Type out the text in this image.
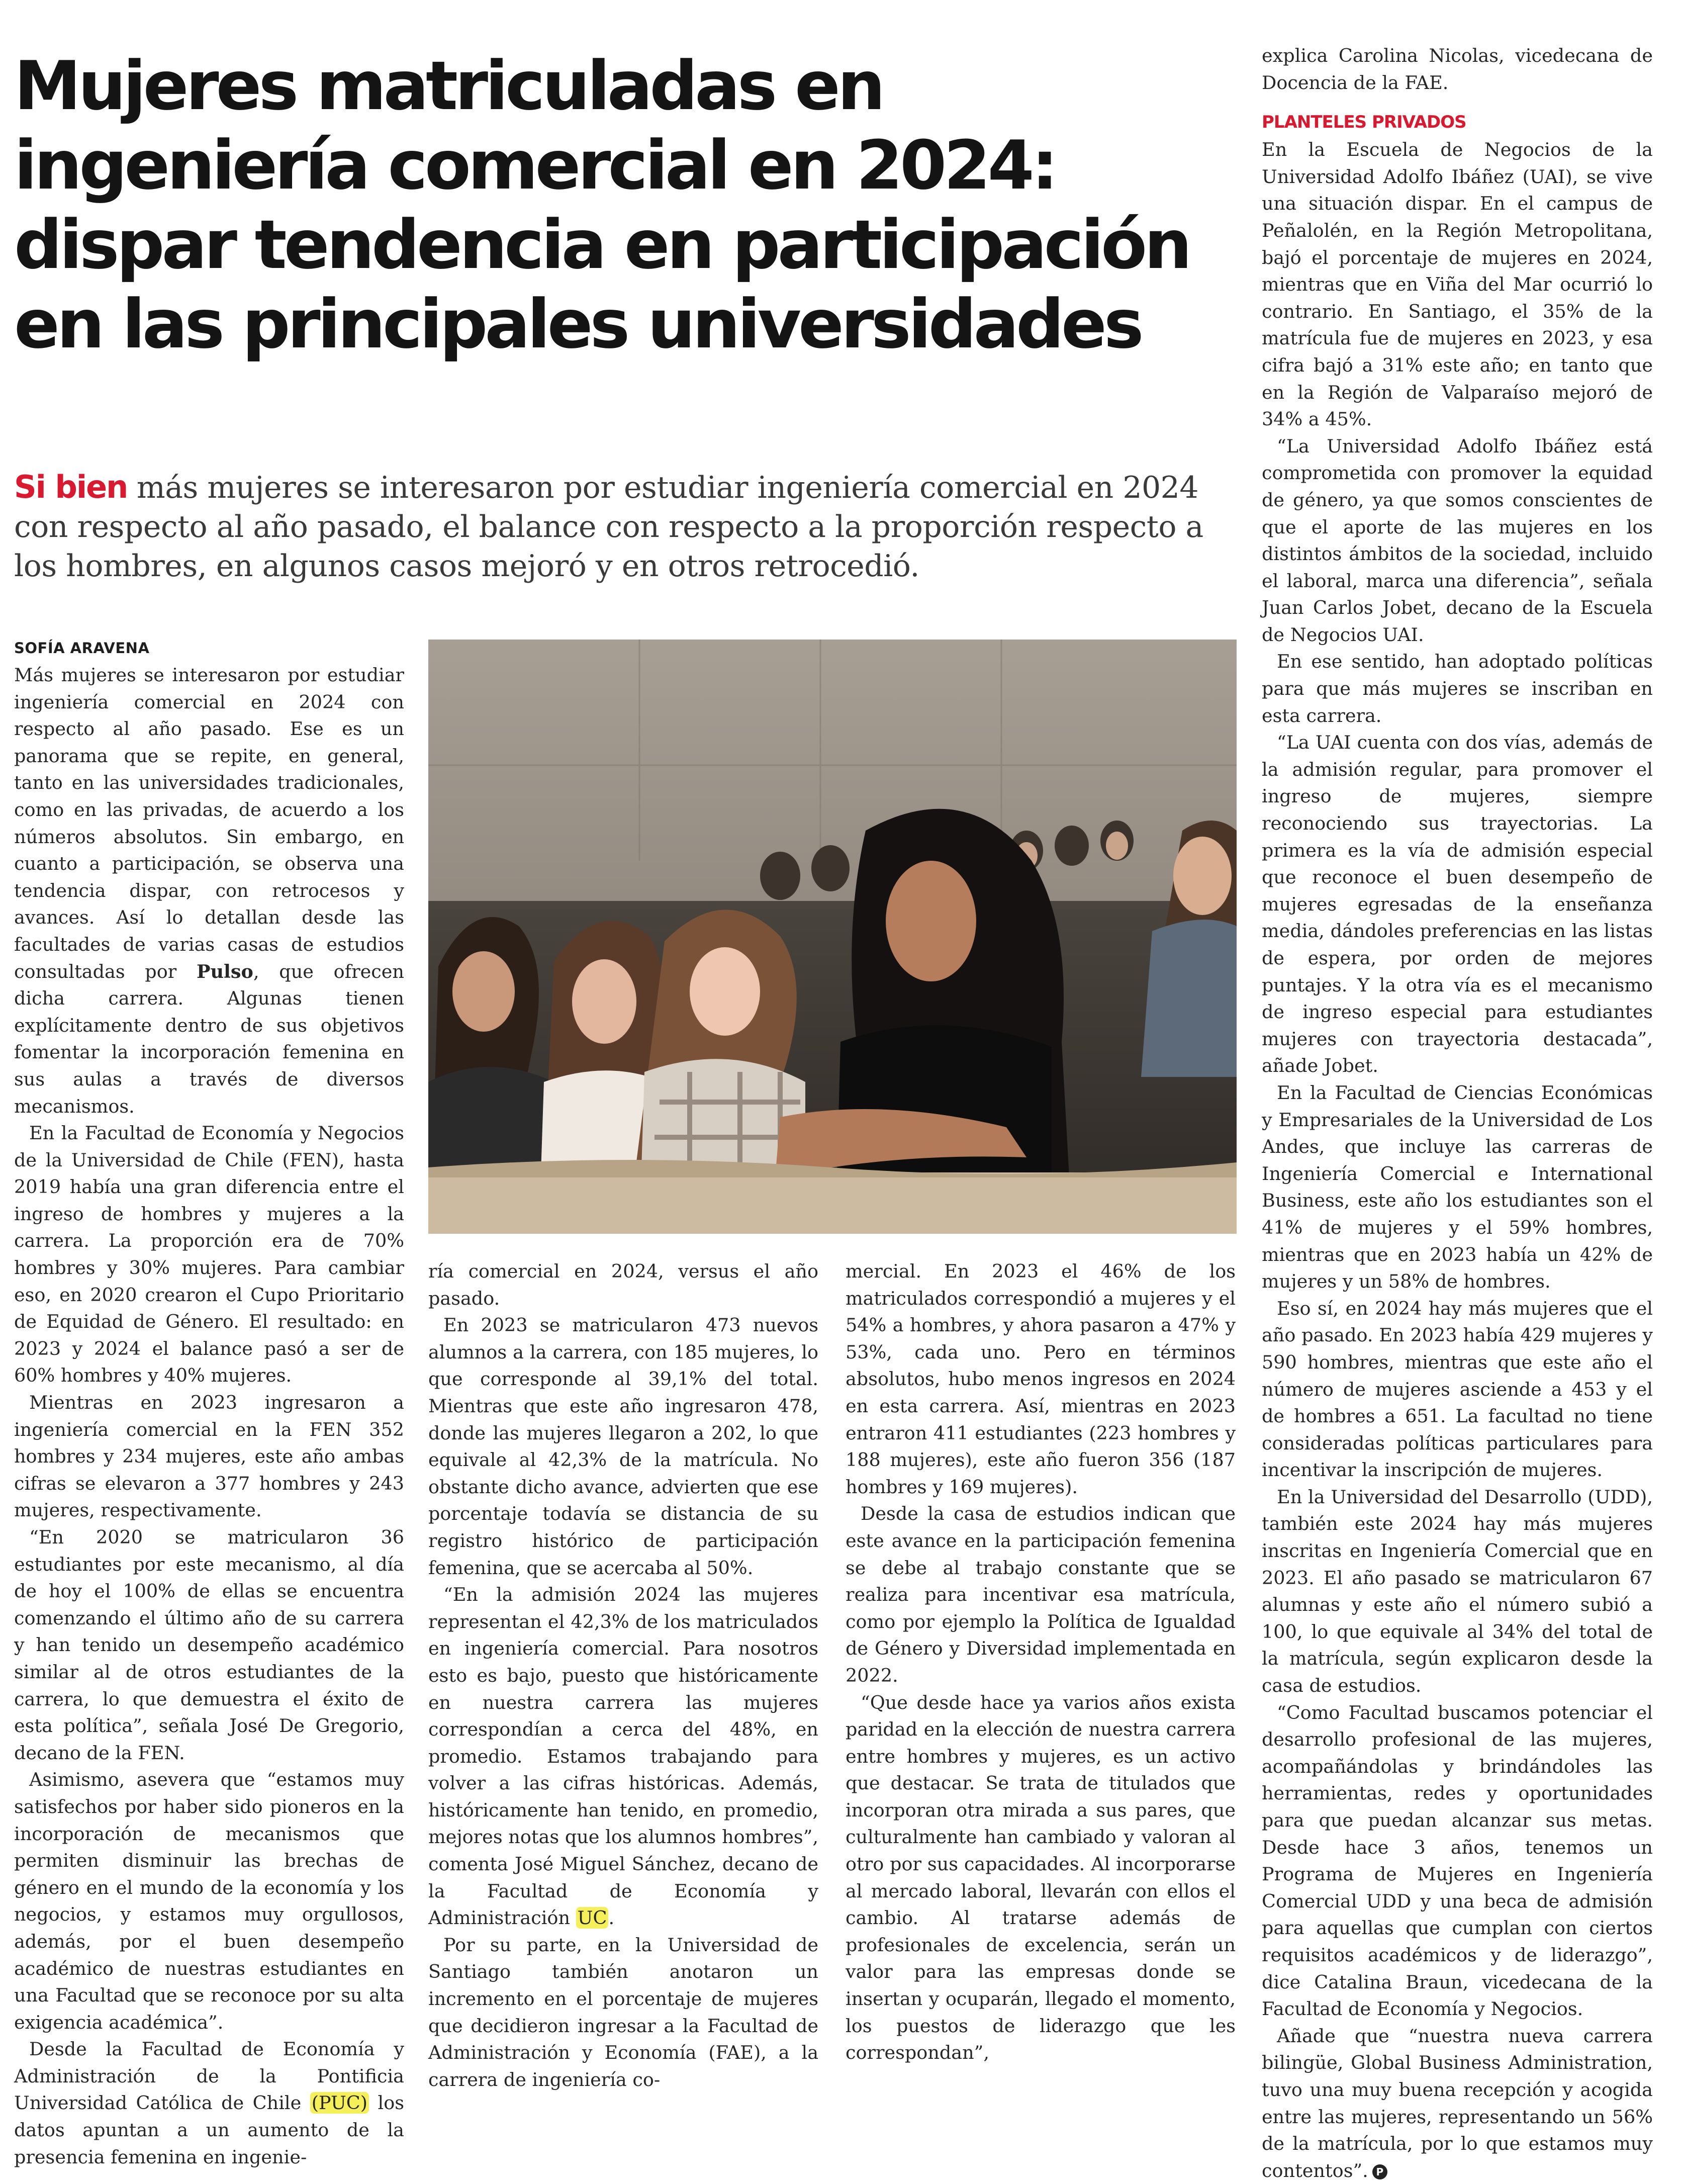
Mujeres matriculadas en
ingeniería comercial en 2024:
dispar tendencia en participación
en las principales universidades

Si bien más mujeres se interesaron por estudiar ingeniería comercial en 2024 con respecto al año pasado, el balance con respecto a la proporción respecto a los hombres, en algunos casos mejoró y en otros retrocedió.

SOFÍA ARAVENA

Más mujeres se interesaron por estudiar ingeniería comercial en 2024 con respecto al año pasado. Ese es un panorama que se repite, en general, tanto en las universidades tradicionales, como en las privadas, de acuerdo a los números absolutos. Sin embargo, en cuanto a participación, se observa una tendencia dispar, con retrocesos y avances. Así lo detallan desde las facultades de varias casas de estudios consultadas por Pulso, que ofrecen dicha carrera. Algunas tienen explícitamente dentro de sus objetivos fomentar la incorporación femenina en sus aulas a través de diversos mecanismos.

En la Facultad de Economía y Negocios de la Universidad de Chile (FEN), hasta 2019 había una gran diferencia entre el ingreso de hombres y mujeres a la carrera. La proporción era de 70% hombres y 30% mujeres. Para cambiar eso, en 2020 crearon el Cupo Prioritario de Equidad de Género. El resultado: en 2023 y 2024 el balance pasó a ser de 60% hombres y 40% mujeres.

Mientras en 2023 ingresaron a ingeniería comercial en la FEN 352 hombres y 234 mujeres, este año ambas cifras se elevaron a 377 hombres y 243 mujeres, respectivamente.

“En 2020 se matricularon 36 estudiantes por este mecanismo, al día de hoy el 100% de ellas se encuentra comenzando el último año de su carrera y han tenido un desempeño académico similar al de otros estudiantes de la carrera, lo que demuestra el éxito de esta política”, señala José De Gregorio, decano de la FEN.

Asimismo, asevera que “estamos muy satisfechos por haber sido pioneros en la incorporación de mecanismos que permiten disminuir las brechas de género en el mundo de la economía y los negocios, y estamos muy orgullosos, además, por el buen desempeño académico de nuestras estudiantes en una Facultad que se reconoce por su alta exigencia académica”.

Desde la Facultad de Economía y Administración de la Pontificia Universidad Católica de Chile (PUC) los datos apuntan a un aumento de la presencia femenina en ingenie-

ría comercial en 2024, versus el año pasado.

En 2023 se matricularon 473 nuevos alumnos a la carrera, con 185 mujeres, lo que corresponde al 39,1% del total. Mientras que este año ingresaron 478, donde las mujeres llegaron a 202, lo que equivale al 42,3% de la matrícula. No obstante dicho avance, advierten que ese porcentaje todavía se distancia de su registro histórico de participación femenina, que se acercaba al 50%.

“En la admisión 2024 las mujeres representan el 42,3% de los matriculados en ingeniería comercial. Para nosotros esto es bajo, puesto que históricamente en nuestra carrera las mujeres correspondían a cerca del 48%, en promedio. Estamos trabajando para volver a las cifras históricas. Además, históricamente han tenido, en promedio, mejores notas que los alumnos hombres”, comenta José Miguel Sánchez, decano de la Facultad de Economía y Administración UC.

Por su parte, en la Universidad de Santiago también anotaron un incremento en el porcentaje de mujeres que decidieron ingresar a la Facultad de Administración y Economía (FAE), a la carrera de ingeniería co-

mercial. En 2023 el 46% de los matriculados correspondió a mujeres y el 54% a hombres, y ahora pasaron a 47% y 53%, cada uno. Pero en términos absolutos, hubo menos ingresos en 2024 en esta carrera. Así, mientras en 2023 entraron 411 estudiantes (223 hombres y 188 mujeres), este año fueron 356 (187 hombres y 169 mujeres).

Desde la casa de estudios indican que este avance en la participación femenina se debe al trabajo constante que se realiza para incentivar esa matrícula, como por ejemplo la Política de Igualdad de Género y Diversidad implementada en 2022.

“Que desde hace ya varios años exista paridad en la elección de nuestra carrera entre hombres y mujeres, es un activo que destacar. Se trata de titulados que incorporan otra mirada a sus pares, que culturalmente han cambiado y valoran al otro por sus capacidades. Al incorporarse al mercado laboral, llevarán con ellos el cambio. Al tratarse además de profesionales de excelencia, serán un valor para las empresas donde se insertan y ocuparán, llegado el momento, los puestos de liderazgo que les correspondan”,

explica Carolina Nicolas, vicedecana de Docencia de la FAE.

PLANTELES PRIVADOS

En la Escuela de Negocios de la Universidad Adolfo Ibáñez (UAI), se vive una situación dispar. En el campus de Peñalolén, en la Región Metropolitana, bajó el porcentaje de mujeres en 2024, mientras que en Viña del Mar ocurrió lo contrario. En Santiago, el 35% de la matrícula fue de mujeres en 2023, y esa cifra bajó a 31% este año; en tanto que en la Región de Valparaíso mejoró de 34% a 45%.

“La Universidad Adolfo Ibáñez está comprometida con promover la equidad de género, ya que somos conscientes de que el aporte de las mujeres en los distintos ámbitos de la sociedad, incluido el laboral, marca una diferencia”, señala Juan Carlos Jobet, decano de la Escuela de Negocios UAI.

En ese sentido, han adoptado políticas para que más mujeres se inscriban en esta carrera.

“La UAI cuenta con dos vías, además de la admisión regular, para promover el ingreso de mujeres, siempre reconociendo sus trayectorias. La primera es la vía de admisión especial que reconoce el buen desempeño de mujeres egresadas de la enseñanza media, dándoles preferencias en las listas de espera, por orden de mejores puntajes. Y la otra vía es el mecanismo de ingreso especial para estudiantes mujeres con trayectoria destacada”, añade Jobet.

En la Facultad de Ciencias Económicas y Empresariales de la Universidad de Los Andes, que incluye las carreras de Ingeniería Comercial e International Business, este año los estudiantes son el 41% de mujeres y el 59% hombres, mientras que en 2023 había un 42% de mujeres y un 58% de hombres.

Eso sí, en 2024 hay más mujeres que el año pasado. En 2023 había 429 mujeres y 590 hombres, mientras que este año el número de mujeres asciende a 453 y el de hombres a 651. La facultad no tiene consideradas políticas particulares para incentivar la inscripción de mujeres.

En la Universidad del Desarrollo (UDD), también este 2024 hay más mujeres inscritas en Ingeniería Comercial que en 2023. El año pasado se matricularon 67 alumnas y este año el número subió a 100, lo que equivale al 34% del total de la matrícula, según explicaron desde la casa de estudios.

“Como Facultad buscamos potenciar el desarrollo profesional de las mujeres, acompañándolas y brindándoles las herramientas, redes y oportunidades para que puedan alcanzar sus metas. Desde hace 3 años, tenemos un Programa de Mujeres en Ingeniería Comercial UDD y una beca de admisión para aquellas que cumplan con ciertos requisitos académicos y de liderazgo”, dice Catalina Braun, vicedecana de la Facultad de Economía y Negocios.

Añade que “nuestra nueva carrera bilingüe, Global Business Administration, tuvo una muy buena recepción y acogida entre las mujeres, representando un 56% de la matrícula, por lo que estamos muy contentos”. P
